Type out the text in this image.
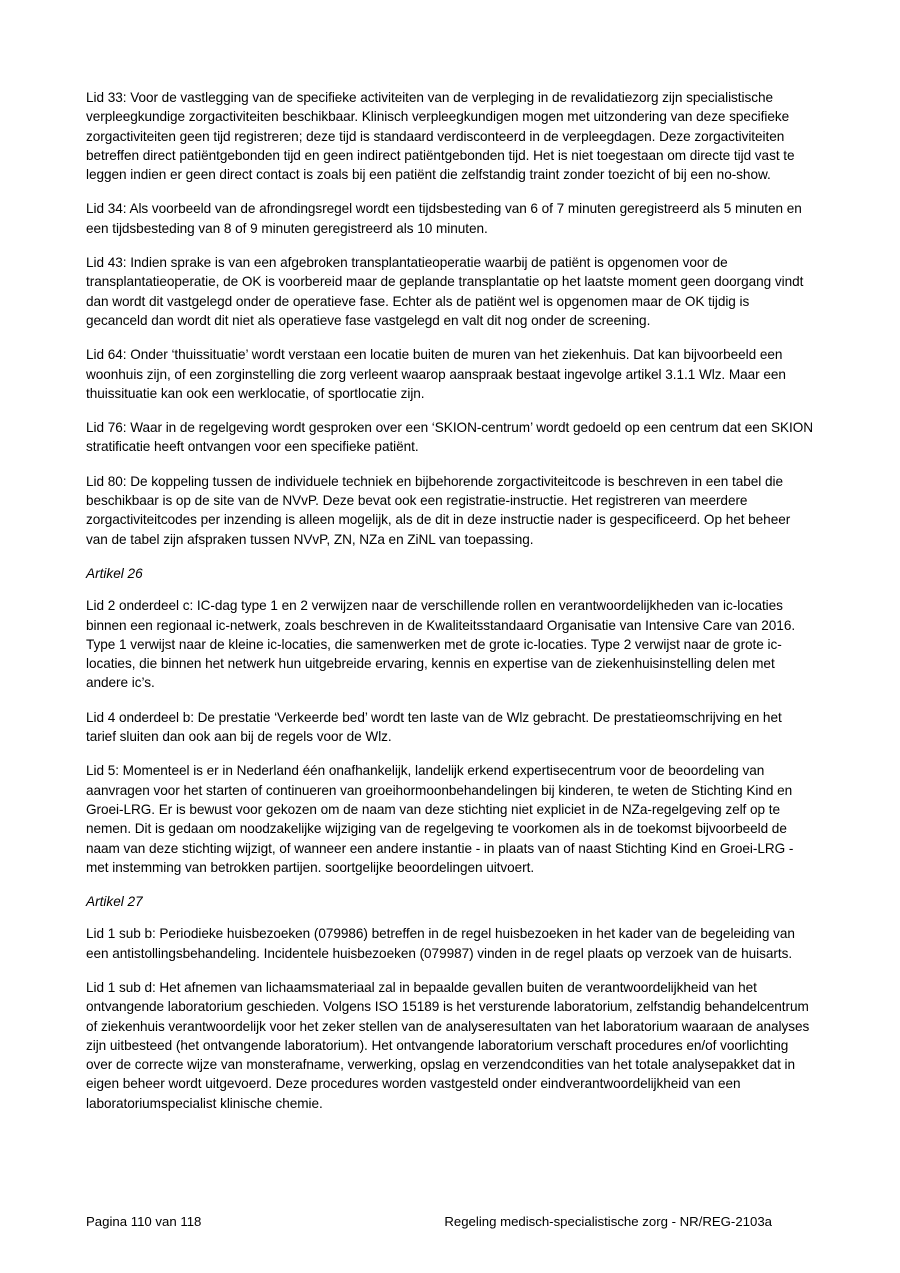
Lid 33: Voor de vastlegging van de specifieke activiteiten van de verpleging in de revalidatiezorg zijn specialistische verpleegkundige zorgactiviteiten beschikbaar. Klinisch verpleegkundigen mogen met uitzondering van deze specifieke zorgactiviteiten geen tijd registreren; deze tijd is standaard verdisconteerd in de verpleegdagen. Deze zorgactiviteiten betreffen direct patiëntgebonden tijd en geen indirect patiëntgebonden tijd. Het is niet toegestaan om directe tijd vast te leggen indien er geen direct contact is zoals bij een patiënt die zelfstandig traint zonder toezicht of bij een no-show.

Lid 34: Als voorbeeld van de afrondingsregel wordt een tijdsbesteding van 6 of 7 minuten geregistreerd als 5 minuten en een tijdsbesteding van 8 of 9 minuten geregistreerd als 10 minuten.

Lid 43: Indien sprake is van een afgebroken transplantatieoperatie waarbij de patiënt is opgenomen voor de transplantatieoperatie, de OK is voorbereid maar de geplande transplantatie op het laatste moment geen doorgang vindt dan wordt dit vastgelegd onder de operatieve fase. Echter als de patiënt wel is opgenomen maar de OK tijdig is gecanceld dan wordt dit niet als operatieve fase vastgelegd en valt dit nog onder de screening.

Lid 64: Onder ‘thuissituatie’ wordt verstaan een locatie buiten de muren van het ziekenhuis. Dat kan bijvoorbeeld een woonhuis zijn, of een zorginstelling die zorg verleent waarop aanspraak bestaat ingevolge artikel 3.1.1 Wlz. Maar een thuissituatie kan ook een werklocatie, of sportlocatie zijn.

Lid 76: Waar in de regelgeving wordt gesproken over een ‘SKION-centrum’ wordt gedoeld op een centrum dat een SKION stratificatie heeft ontvangen voor een specifieke patiënt.

Lid 80: De koppeling tussen de individuele techniek en bijbehorende zorgactiviteitcode is beschreven in een tabel die beschikbaar is op de site van de NVvP. Deze bevat ook een registratie-instructie. Het registreren van meerdere zorgactiviteitcodes per inzending is alleen mogelijk, als de dit in deze instructie nader is gespecificeerd. Op het beheer van de tabel zijn afspraken tussen NVvP, ZN, NZa en ZiNL van toepassing.

Artikel 26

Lid 2 onderdeel c: IC-dag type 1 en 2 verwijzen naar de verschillende rollen en verantwoordelijkheden van ic-locaties binnen een regionaal ic-netwerk, zoals beschreven in de Kwaliteitsstandaard Organisatie van Intensive Care van 2016. Type 1 verwijst naar de kleine ic-locaties, die samenwerken met de grote ic-locaties. Type 2 verwijst naar de grote ic-locaties, die binnen het netwerk hun uitgebreide ervaring, kennis en expertise van de ziekenhuisinstelling delen met andere ic’s.

Lid 4 onderdeel b: De prestatie ‘Verkeerde bed’ wordt ten laste van de Wlz gebracht. De prestatieomschrijving en het tarief sluiten dan ook aan bij de regels voor de Wlz.

Lid 5: Momenteel is er in Nederland één onafhankelijk, landelijk erkend expertisecentrum voor de beoordeling van aanvragen voor het starten of continueren van groeihormoonbehandelingen bij kinderen, te weten de Stichting Kind en Groei-LRG. Er is bewust voor gekozen om de naam van deze stichting niet expliciet in de NZa-regelgeving zelf op te nemen. Dit is gedaan om noodzakelijke wijziging van de regelgeving te voorkomen als in de toekomst bijvoorbeeld de naam van deze stichting wijzigt, of wanneer een andere instantie - in plaats van of naast Stichting Kind en Groei-LRG - met instemming van betrokken partijen. soortgelijke beoordelingen uitvoert.

Artikel 27

Lid 1 sub b: Periodieke huisbezoeken (079986) betreffen in de regel huisbezoeken in het kader van de begeleiding van een antistollingsbehandeling. Incidentele huisbezoeken (079987) vinden in de regel plaats op verzoek van de huisarts.

Lid 1 sub d: Het afnemen van lichaamsmateriaal zal in bepaalde gevallen buiten de verantwoordelijkheid van het ontvangende laboratorium geschieden. Volgens ISO 15189 is het versturende laboratorium, zelfstandig behandelcentrum of ziekenhuis verantwoordelijk voor het zeker stellen van de analyseresultaten van het laboratorium waaraan de analyses zijn uitbesteed (het ontvangende laboratorium). Het ontvangende laboratorium verschaft procedures en/of voorlichting over de correcte wijze van monsterafname, verwerking, opslag en verzendcondities van het totale analysepakket dat in eigen beheer wordt uitgevoerd. Deze procedures worden vastgesteld onder eindverantwoordelijkheid van een laboratoriumspecialist klinische chemie.

Pagina 110 van 118	Regeling medisch-specialistische zorg - NR/REG-2103a
